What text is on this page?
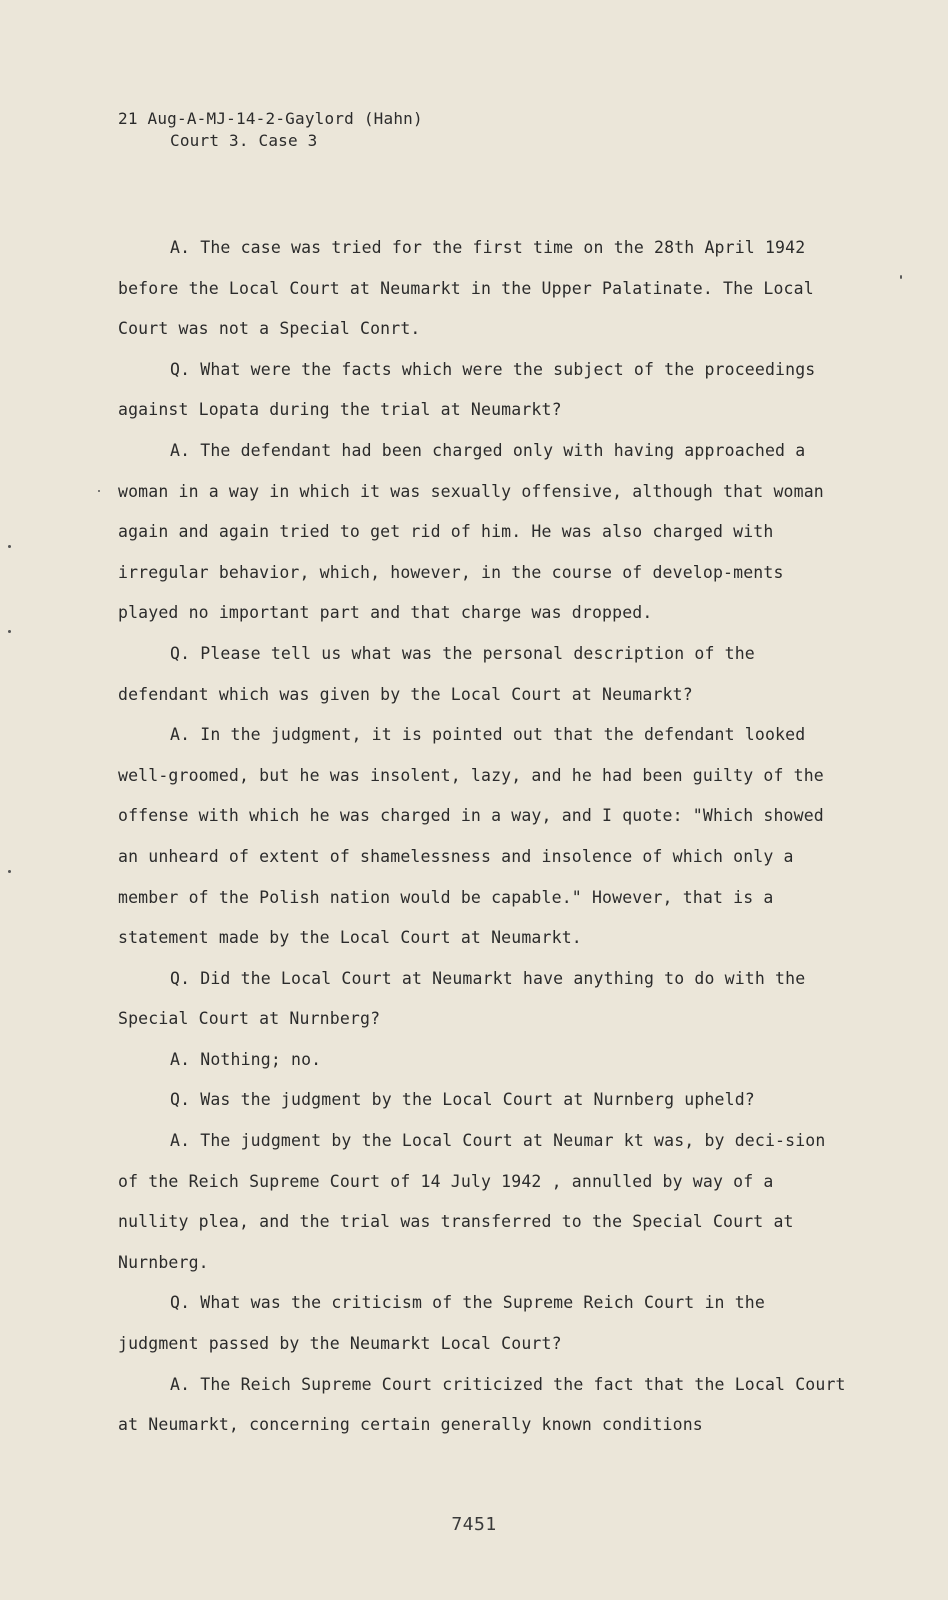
21 Aug-A-MJ-14-2-Gaylord (Hahn)
Court 3. Case 3

A. The case was tried for the first time on the 28th April 1942 before the Local Court at Neumarkt in the Upper Palatinate. The Local Court was not a Special Conrt.

Q. What were the facts which were the subject of the proceedings against Lopata during the trial at Neumarkt?

A. The defendant had been charged only with having approached a woman in a way in which it was sexually offensive, although that woman again and again tried to get rid of him. He was also charged with irregular behavior, which, however, in the course of develop-ments played no important part and that charge was dropped.

Q. Please tell us what was the personal description of the defendant which was given by the Local Court at Neumarkt?

A. In the judgment, it is pointed out that the defendant looked well-groomed, but he was insolent, lazy, and he had been guilty of the offense with which he was charged in a way, and I quote: "Which showed an unheard of extent of shamelessness and insolence of which only a member of the Polish nation would be capable." However, that is a statement made by the Local Court at Neumarkt.

Q. Did the Local Court at Neumarkt have anything to do with the Special Court at Nurnberg?

A. Nothing; no.

Q. Was the judgment by the Local Court at Nurnberg upheld?

A. The judgment by the Local Court at Neumar kt was, by deci-sion of the Reich Supreme Court of 14 July 1942 , annulled by way of a nullity plea, and the trial was transferred to the Special Court at Nurnberg.

Q. What was the criticism of the Supreme Reich Court in the judgment passed by the Neumarkt Local Court?

A. The Reich Supreme Court criticized the fact that the Local Court at Neumarkt, concerning certain generally known conditions

7451
